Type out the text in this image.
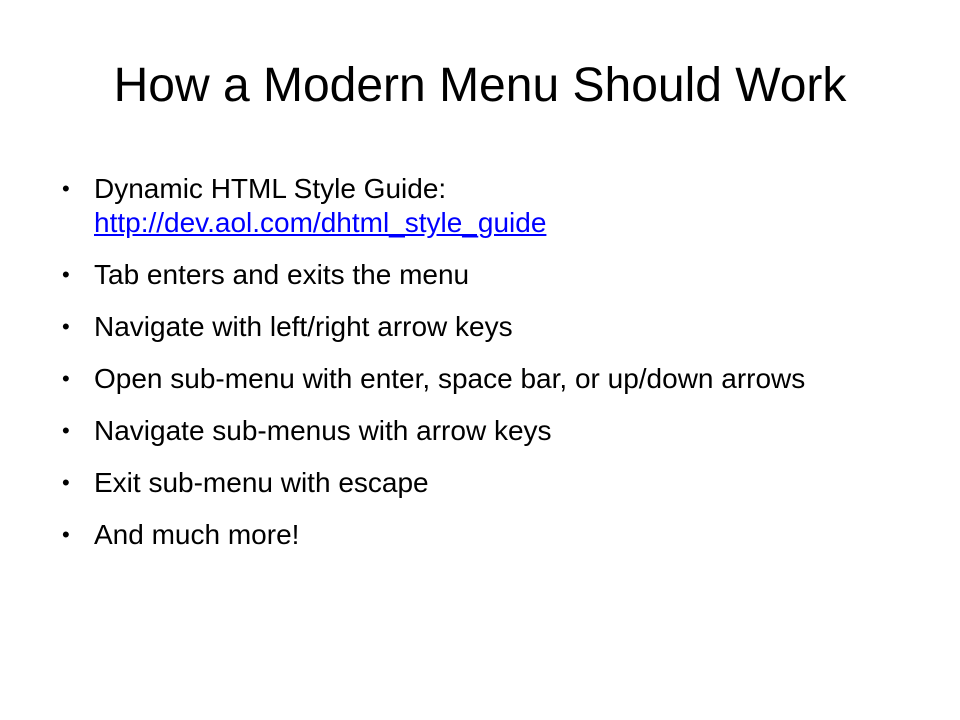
How a Modern Menu Should Work
• Dynamic HTML Style Guide:
http://dev.aol.com/dhtml_style_guide
• Tab enters and exits the menu
• Navigate with left/right arrow keys
• Open sub-menu with enter, space bar, or up/down arrows
• Navigate sub-menus with arrow keys
• Exit sub-menu with escape
• And much more!
